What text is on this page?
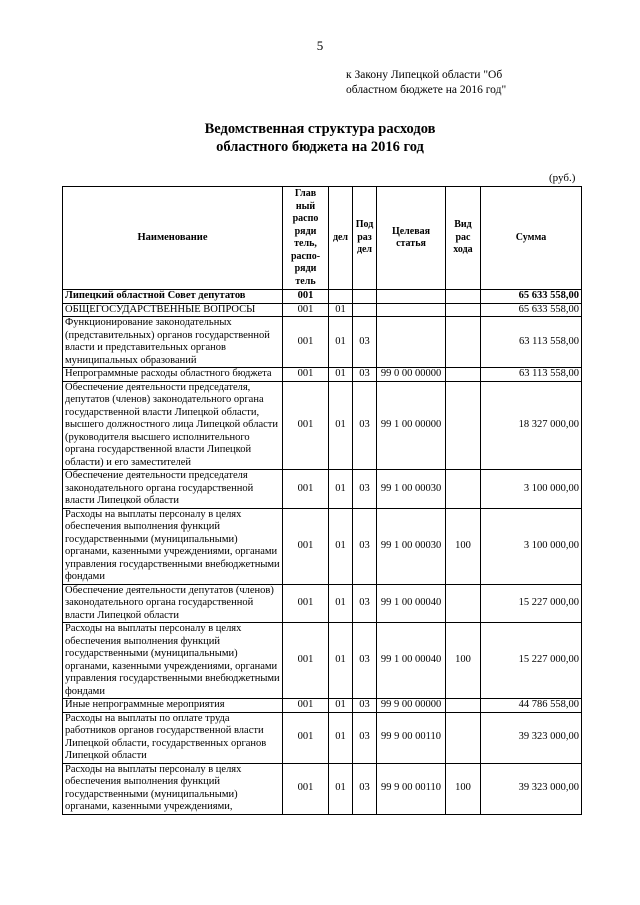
5
к Закону Липецкой области "Об
областном бюджете на 2016 год"
Ведомственная структура расходов
областного бюджета на 2016 год
(руб.)
Наименование	Глав ный распо ряди тель, распо- ряди тель	дел	Под раз дел	Целевая статья	Вид рас хода	Сумма
Липецкий областной Совет депутатов	001					65 633 558,00
ОБЩЕГОСУДАРСТВЕННЫЕ ВОПРОСЫ	001	01				65 633 558,00
Функционирование законодательных (представительных) органов государственной власти и представительных органов муниципальных образований	001	01	03			63 113 558,00
Непрограммные расходы областного бюджета	001	01	03	99 0 00 00000		63 113 558,00
Обеспечение деятельности председателя, депутатов (членов) законодательного органа государственной власти Липецкой области, высшего должностного лица Липецкой области (руководителя высшего исполнительного органа государственной власти Липецкой области) и его заместителей	001	01	03	99 1 00 00000		18 327 000,00
Обеспечение деятельности председателя законодательного органа государственной власти Липецкой области	001	01	03	99 1 00 00030		3 100 000,00
Расходы на выплаты персоналу в целях обеспечения выполнения функций государственными (муниципальными) органами, казенными учреждениями, органами управления государственными внебюджетными фондами	001	01	03	99 1 00 00030	100	3 100 000,00
Обеспечение деятельности депутатов (членов) законодательного органа государственной власти Липецкой области	001	01	03	99 1 00 00040		15 227 000,00
Расходы на выплаты персоналу в целях обеспечения выполнения функций государственными (муниципальными) органами, казенными учреждениями, органами управления государственными внебюджетными фондами	001	01	03	99 1 00 00040	100	15 227 000,00
Иные непрограммные мероприятия	001	01	03	99 9 00 00000		44 786 558,00
Расходы на выплаты по оплате труда работников органов государственной власти Липецкой области, государственных органов Липецкой области	001	01	03	99 9 00 00110		39 323 000,00
Расходы на выплаты персоналу в целях обеспечения выполнения функций государственными (муниципальными) органами, казенными учреждениями,	001	01	03	99 9 00 00110	100	39 323 000,00
